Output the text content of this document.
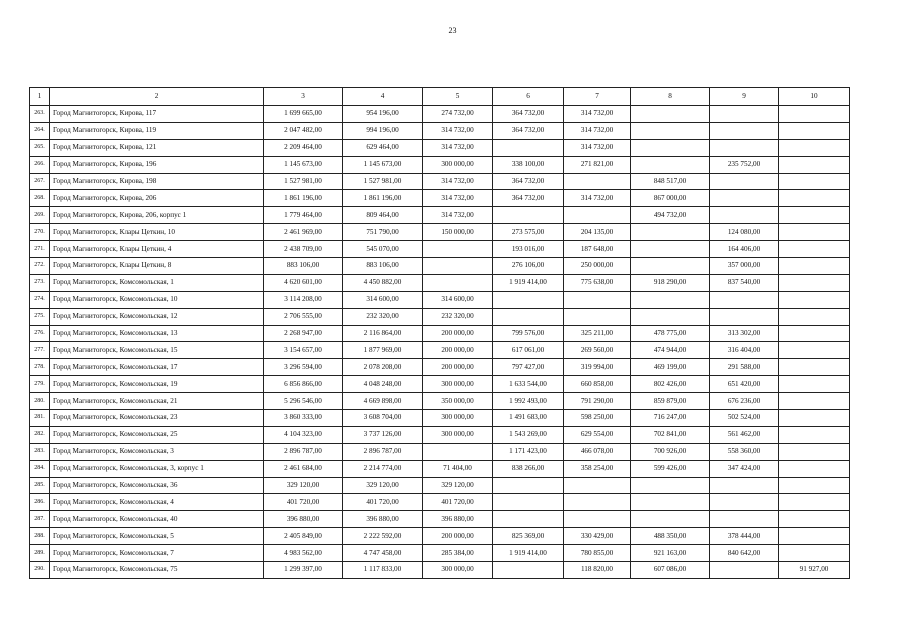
23
1	2	3	4	5	6	7	8	9	10
263.	Город Магнитогорск, Кирова, 117	1 699 665,00	954 196,00	274 732,00	364 732,00	314 732,00			
264.	Город Магнитогорск, Кирова, 119	2 047 482,00	994 196,00	314 732,00	364 732,00	314 732,00			
265.	Город Магнитогорск, Кирова, 121	2 209 464,00	629 464,00	314 732,00		314 732,00			
266.	Город Магнитогорск, Кирова, 196	1 145 673,00	1 145 673,00	300 000,00	338 100,00	271 821,00		235 752,00	
267.	Город Магнитогорск, Кирова, 198	1 527 981,00	1 527 981,00	314 732,00	364 732,00		848 517,00		
268.	Город Магнитогорск, Кирова, 206	1 861 196,00	1 861 196,00	314 732,00	364 732,00	314 732,00	867 000,00		
269.	Город Магнитогорск, Кирова, 206, корпус 1	1 779 464,00	809 464,00	314 732,00			494 732,00		
270.	Город Магнитогорск, Клары Цеткин, 10	2 461 969,00	751 790,00	150 000,00	273 575,00	204 135,00		124 080,00	
271.	Город Магнитогорск, Клары Цеткин, 4	2 438 709,00	545 070,00		193 016,00	187 648,00		164 406,00	
272.	Город Магнитогорск, Клары Цеткин, 8	883 106,00	883 106,00		276 106,00	250 000,00		357 000,00	
273.	Город Магнитогорск, Комсомольская, 1	4 620 601,00	4 450 882,00		1 919 414,00	775 638,00	918 290,00	837 540,00	
274.	Город Магнитогорск, Комсомольская, 10	3 114 208,00	314 600,00	314 600,00					
275.	Город Магнитогорск, Комсомольская, 12	2 706 555,00	232 320,00	232 320,00					
276.	Город Магнитогорск, Комсомольская, 13	2 268 947,00	2 116 864,00	200 000,00	799 576,00	325 211,00	478 775,00	313 302,00	
277.	Город Магнитогорск, Комсомольская, 15	3 154 657,00	1 877 969,00	200 000,00	617 061,00	269 560,00	474 944,00	316 404,00	
278.	Город Магнитогорск, Комсомольская, 17	3 296 594,00	2 078 208,00	200 000,00	797 427,00	319 994,00	469 199,00	291 588,00	
279.	Город Магнитогорск, Комсомольская, 19	6 856 866,00	4 048 248,00	300 000,00	1 633 544,00	660 858,00	802 426,00	651 420,00	
280.	Город Магнитогорск, Комсомольская, 21	5 296 546,00	4 669 898,00	350 000,00	1 992 493,00	791 290,00	859 879,00	676 236,00	
281.	Город Магнитогорск, Комсомольская, 23	3 860 333,00	3 608 704,00	300 000,00	1 491 683,00	598 250,00	716 247,00	502 524,00	
282.	Город Магнитогорск, Комсомольская, 25	4 104 323,00	3 737 126,00	300 000,00	1 543 269,00	629 554,00	702 841,00	561 462,00	
283.	Город Магнитогорск, Комсомольская, 3	2 896 787,00	2 896 787,00		1 171 423,00	466 078,00	700 926,00	558 360,00	
284.	Город Магнитогорск, Комсомольская, 3, корпус 1	2 461 684,00	2 214 774,00	71 404,00	838 266,00	358 254,00	599 426,00	347 424,00	
285.	Город Магнитогорск, Комсомольская, 36	329 120,00	329 120,00	329 120,00					
286.	Город Магнитогорск, Комсомольская, 4	401 720,00	401 720,00	401 720,00					
287.	Город Магнитогорск, Комсомольская, 40	396 880,00	396 880,00	396 880,00					
288.	Город Магнитогорск, Комсомольская, 5	2 405 849,00	2 222 592,00	200 000,00	825 369,00	330 429,00	488 350,00	378 444,00	
289.	Город Магнитогорск, Комсомольская, 7	4 983 562,00	4 747 458,00	285 384,00	1 919 414,00	780 855,00	921 163,00	840 642,00	
290.	Город Магнитогорск, Комсомольская, 75	1 299 397,00	1 117 833,00	300 000,00		118 820,00	607 086,00		91 927,00
